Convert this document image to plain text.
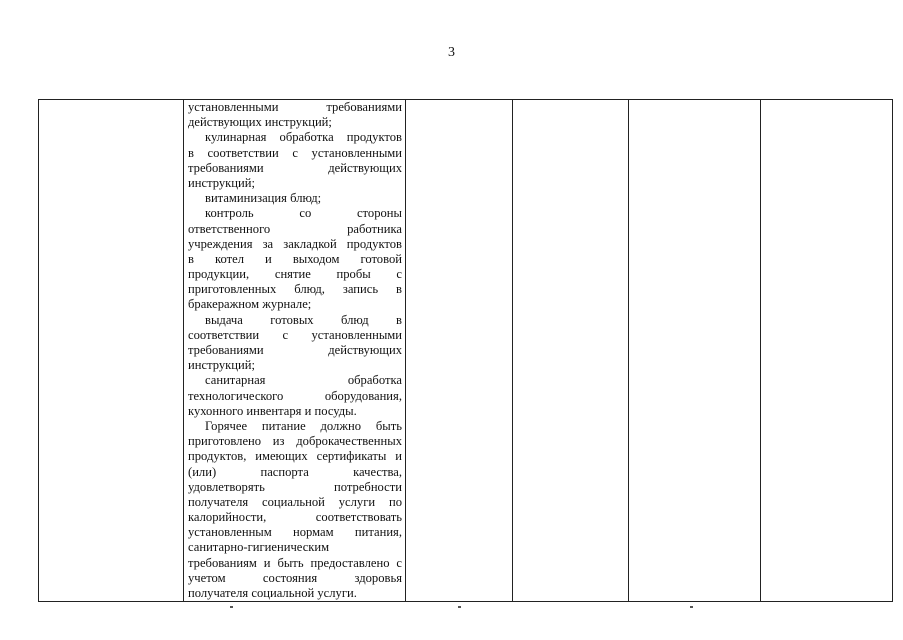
3

установленными требованиями
действующих инструкций;
кулинарная обработка продуктов
в соответствии с установленными
требованиями действующих
инструкций;
витаминизация блюд;
контроль со стороны
ответственного работника
учреждения за закладкой продуктов
в котел и выходом готовой
продукции, снятие пробы с
приготовленных блюд, запись в
бракеражном журнале;
выдача готовых блюд в
соответствии с установленными
требованиями действующих
инструкций;
санитарная обработка
технологического оборудования,
кухонного инвентаря и посуды.
Горячее питание должно быть
приготовлено из доброкачественных
продуктов, имеющих сертификаты и
(или) паспорта качества,
удовлетворять потребности
получателя социальной услуги по
калорийности, соответствовать
установленным нормам питания,
санитарно-гигиеническим
требованиям и быть предоставлено с
учетом состояния здоровья
получателя социальной услуги.
